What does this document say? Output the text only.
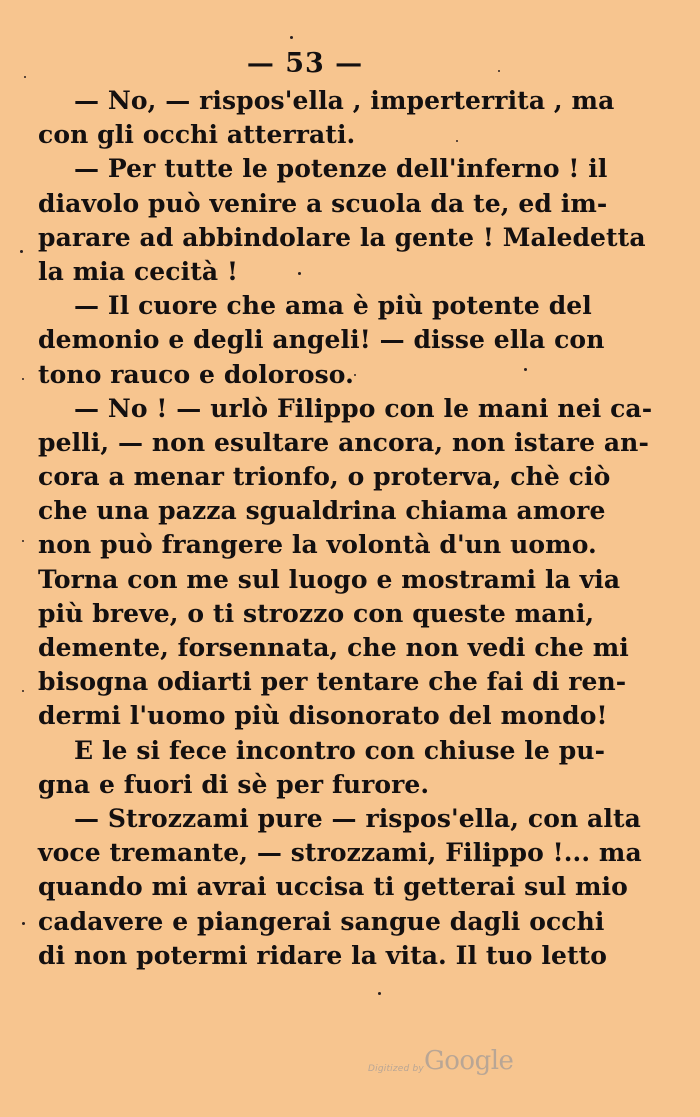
— 53 —
— No, — rispos'ella , imperterrita , ma
con gli occhi atterrati.
— Per tutte le potenze dell'inferno ! il
diavolo può venire a scuola da te, ed im-
parare ad abbindolare la gente ! Maledetta
la mia cecità !
— Il cuore che ama è più potente del
demonio e degli angeli! — disse ella con
tono rauco e doloroso.
— No ! — urlò Filippo con le mani nei ca-
pelli, — non esultare ancora, non istare an-
cora a menar trionfo, o proterva, chè ciò
che una pazza sgualdrina chiama amore
non può frangere la volontà d'un uomo.
Torna con me sul luogo e mostrami la via
più breve, o ti strozzo con queste mani,
demente, forsennata, che non vedi che mi
bisogna odiarti per tentare che fai di ren-
dermi l'uomo più disonorato del mondo!
E le si fece incontro con chiuse le pu-
gna e fuori di sè per furore.
— Strozzami pure — rispos'ella, con alta
voce tremante, — strozzami, Filippo !... ma
quando mi avrai uccisa ti getterai sul mio
cadavere e piangerai sangue dagli occhi
di non potermi ridare la vita. Il tuo letto
Digitized by Google
